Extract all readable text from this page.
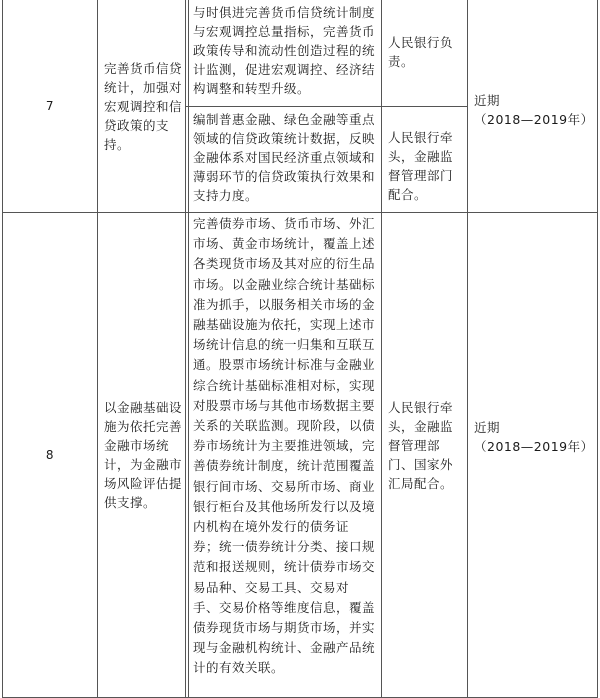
7
完善货币信贷
统计，加强对
宏观调控和信
贷政策的支
持。
与时俱进完善货币信贷统计制度
与宏观调控总量指标，完善货币
政策传导和流动性创造过程的统
计监测，促进宏观调控、经济结
构调整和转型升级。
人民银行负
责。
编制普惠金融、绿色金融等重点
领域的信贷政策统计数据，反映
金融体系对国民经济重点领域和
薄弱环节的信贷政策执行效果和
支持力度。
人民银行牵
头，金融监
督管理部门
配合。
近期
（2018—2019年）
8
以金融基础设
施为依托完善
金融市场统
计，为金融市
场风险评估提
供支撑。
完善债券市场、货币市场、外汇
市场、黄金市场统计，覆盖上述
各类现货市场及其对应的衍生品
市场。以金融业综合统计基础标
准为抓手，以服务相关市场的金
融基础设施为依托，实现上述市
场统计信息的统一归集和互联互
通。股票市场统计标准与金融业
综合统计基础标准相对标，实现
对股票市场与其他市场数据主要
关系的关联监测。现阶段，以债
券市场统计为主要推进领域，完
善债券统计制度，统计范围覆盖
银行间市场、交易所市场、商业
银行柜台及其他场所发行以及境
内机构在境外发行的债务证
券；统一债券统计分类、接口规
范和报送规则，统计债券市场交
易品种、交易工具、交易对
手、交易价格等维度信息，覆盖
债券现货市场与期货市场，并实
现与金融机构统计、金融产品统
计的有效关联。
人民银行牵
头，金融监
督管理部
门、国家外
汇局配合。
近期
（2018—2019年）
